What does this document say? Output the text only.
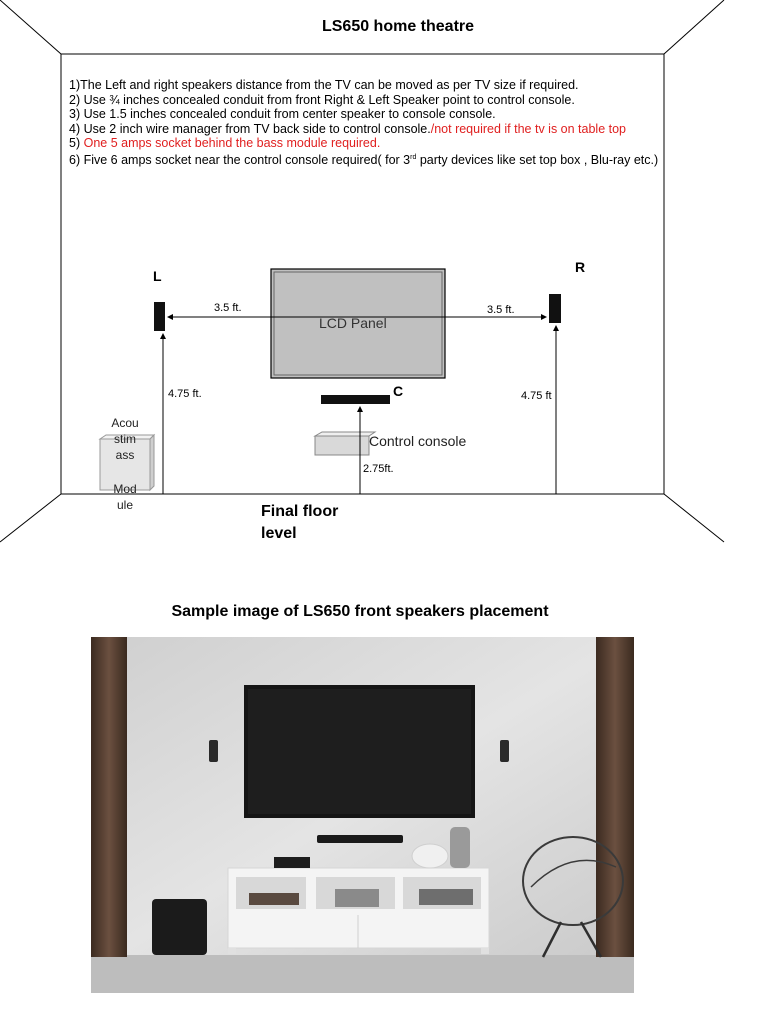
LS650 home theatre
1)The Left and right speakers distance from the TV can be moved as per TV size if required.
2) Use ¾ inches concealed conduit from front Right & Left Speaker point to control console.
3) Use 1.5 inches concealed conduit from center speaker to console console.
4) Use 2 inch wire manager from TV back side to control console./not required if the tv is on table top
5) One 5 amps socket behind the bass module required.
6) Five 6 amps socket near the control console required( for 3rd party devices like set top box , Blu-ray etc.)
L
R
C
3.5 ft.	3.5 ft.
LCD Panel
4.75 ft.	4.75 ft
Control console
2.75ft.
Acou
stim
ass
Mod
ule	Final floor
level
Sample image of LS650 front speakers placement
